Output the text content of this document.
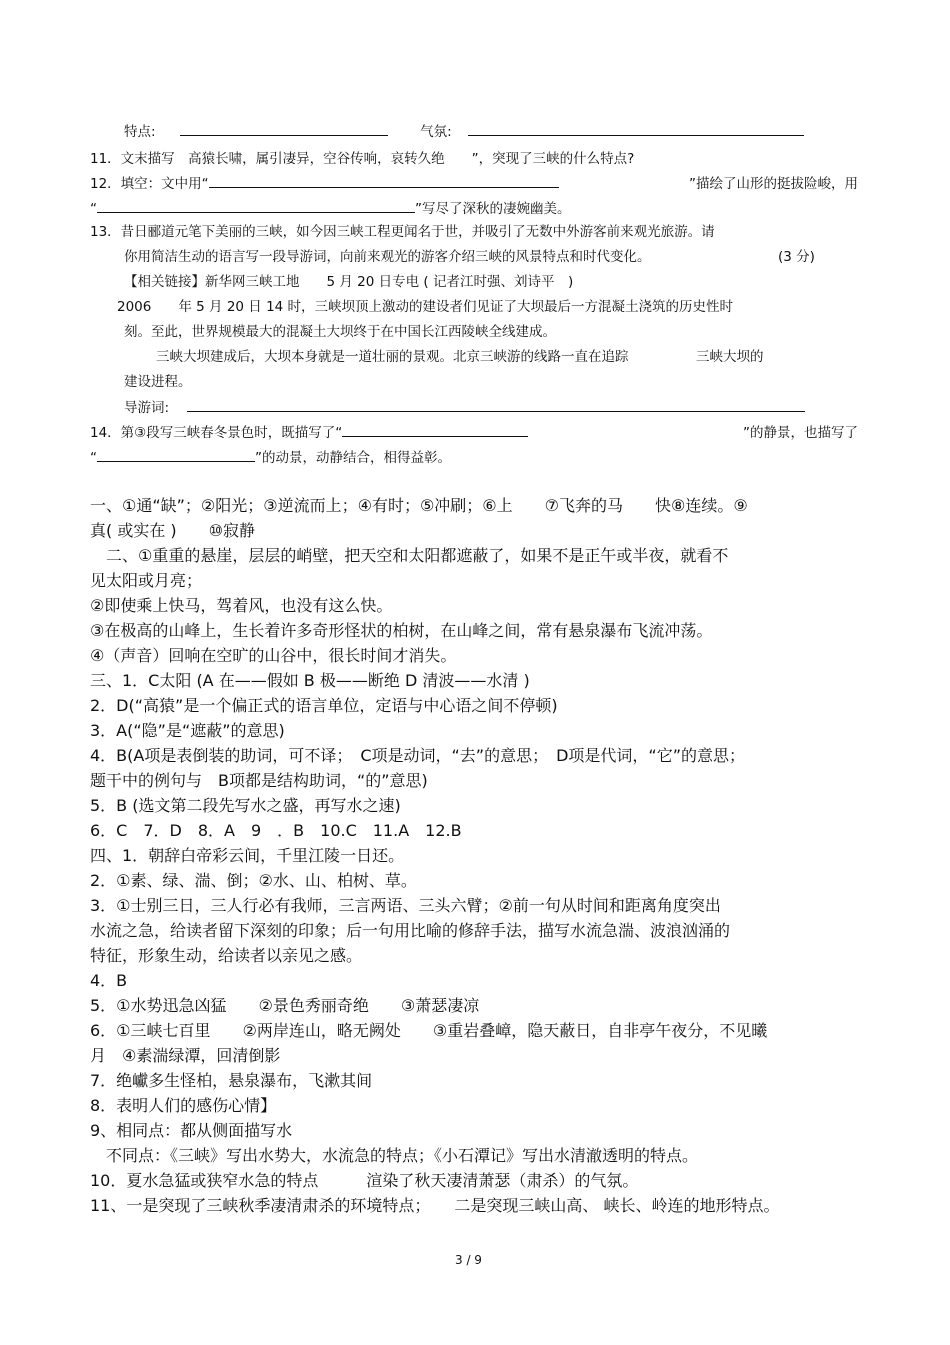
特点:	气氛:
11．文末描写　高猿长啸，属引凄异，空谷传响，哀转久绝　　”，突现了三峡的什么特点?
12．填空：文中用“	”描绘了山形的挺拔险峻，用
“	”写尽了深秋的凄婉幽美。
13．昔日郦道元笔下美丽的三峡，如今因三峡工程更闻名于世，并吸引了无数中外游客前来观光旅游。请
你用简洁生动的语言写一段导游词，向前来观光的游客介绍三峡的风景特点和时代变化。	(3 分)
【相关链接】新华网三峡工地　　5 月 20 日专电 ( 记者江时强、刘诗平　)
2006　　年 5 月 20 日 14 时，三峡坝顶上激动的建设者们见证了大坝最后一方混凝土浇筑的历史性时
刻。至此，世界规模最大的混凝土大坝终于在中国长江西陵峡全线建成。
三峡大坝建成后，大坝本身就是一道壮丽的景观。北京三峡游的线路一直在追踪　　　　　三峡大坝的
建设进程。
导游词:
14．第③段写三峡春冬景色时，既描写了“	”的静景，也描写了
“	”的动景，动静结合，相得益彰。
一、①通“缺”；②阳光；③逆流而上；④有时；⑤冲刷；⑥上　　⑦飞奔的马　　快⑧连续。⑨
真( 或实在 )　　⑩寂静
　二、①重重的悬崖，层层的峭壁，把天空和太阳都遮蔽了，如果不是正午或半夜，就看不
见太阳或月亮；
②即使乘上快马，驾着风，也没有这么快。
③在极高的山峰上，生长着许多奇形怪状的柏树，在山峰之间，常有悬泉瀑布飞流冲荡。
④（声音）回响在空旷的山谷中，很长时间才消失。
三、1．C太阳 (A 在——假如 B 极——断绝 D 清波——水清 )
2．D(“高猿”是一个偏正式的语言单位，定语与中心语之间不停顿)
3．A(“隐”是“遮蔽”的意思)
4．B(A项是表倒装的助词，可不译；　C项是动词，“去”的意思；　D项是代词，“它”的意思；
题干中的例句与　B项都是结构助词，“的”意思)
5．B (选文第二段先写水之盛，再写水之速)
6．C　7．D　8．A　9　．B　10.C　11.A　12.B
四、1．朝辞白帝彩云间，千里江陵一日还。
2．①素、绿、湍、倒；②水、山、柏树、草。
3．①士别三日，三人行必有我师，三言两语、三头六臂；②前一句从时间和距离角度突出
水流之急，给读者留下深刻的印象；后一句用比喻的修辞手法，描写水流急湍、波浪汹涌的
特征，形象生动，给读者以亲见之感。
4．B
5．①水势迅急凶猛　　②景色秀丽奇绝　　③萧瑟凄凉
6．①三峡七百里　　②两岸连山，略无阙处　　③重岩叠嶂，隐天蔽日，自非亭午夜分，不见曦
月　④素湍绿潭，回清倒影
7．绝巘多生怪柏，悬泉瀑布，飞漱其间
8．表明人们的感伤心情】
9、相同点：都从侧面描写水
　不同点：《三峡》写出水势大，水流急的特点；《小石潭记》写出水清澈透明的特点。
10．夏水急猛或狭窄水急的特点　　　渲染了秋天凄清萧瑟（肃杀）的气氛。
11、一是突现了三峡秋季凄清肃杀的环境特点；　　二是突现三峡山高、 峡长、岭连的地形特点。
3 / 9
